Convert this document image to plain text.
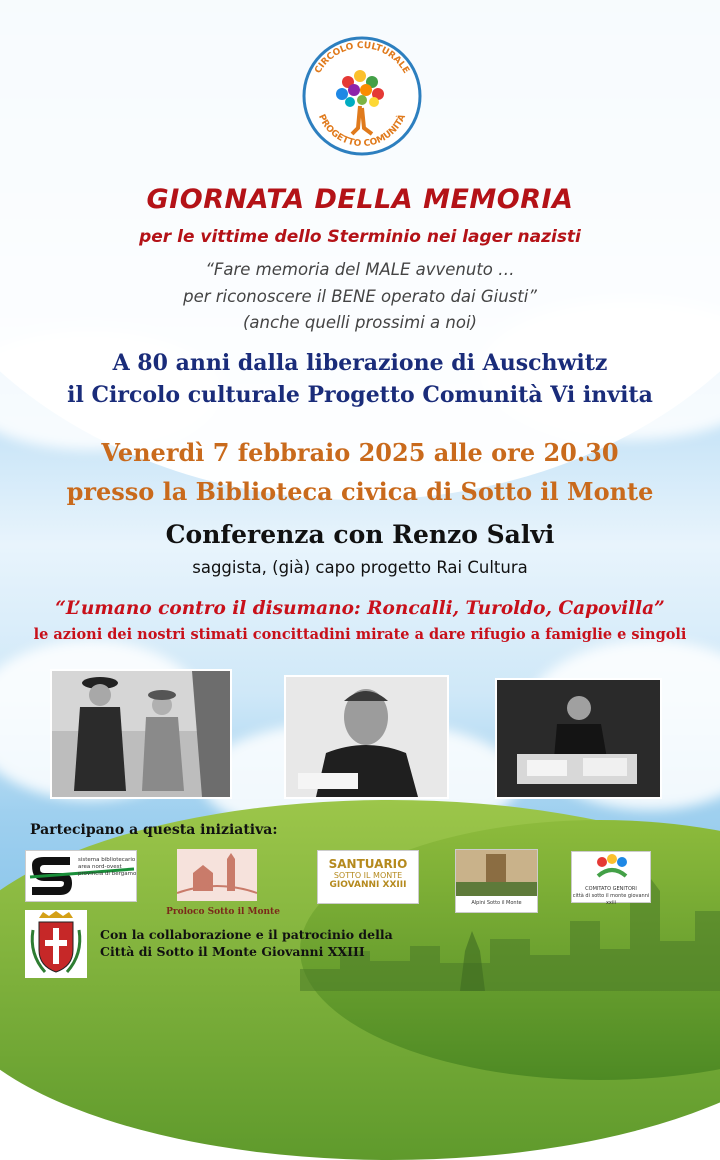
CIRCOLO CULTURALE
PROGETTO COMUNITÀ
GIORNATA DELLA MEMORIA
per le vittime dello Sterminio nei lager nazisti
“Fare memoria del MALE avvenuto …
per riconoscere il BENE operato dai Giusti”
(anche quelli prossimi a noi)
A 80 anni dalla liberazione di Auschwitz
il Circolo culturale Progetto Comunità Vi invita
Venerdì 7 febbraio 2025 alle ore 20.30
presso la Biblioteca civica di Sotto il Monte
Conferenza con Renzo Salvi
saggista, (già) capo progetto Rai Cultura
“L’umano contro il disumano: Roncalli, Turoldo, Capovilla”
le azioni dei nostri stimati concittadini mirate a dare rifugio a famiglie e singoli
Partecipano a questa iniziativa:
sistema bibliotecario
area nord-ovest
provincia di bergamo
Proloco Sotto il Monte
SANTUARIO
SOTTO IL MONTE
GIOVANNI XXIII
Alpini Sotto il Monte
COMITATO GENITORI
città di sotto il monte giovanni xxiii
Con la collaborazione e il patrocinio della
Città di Sotto il Monte Giovanni XXIII
